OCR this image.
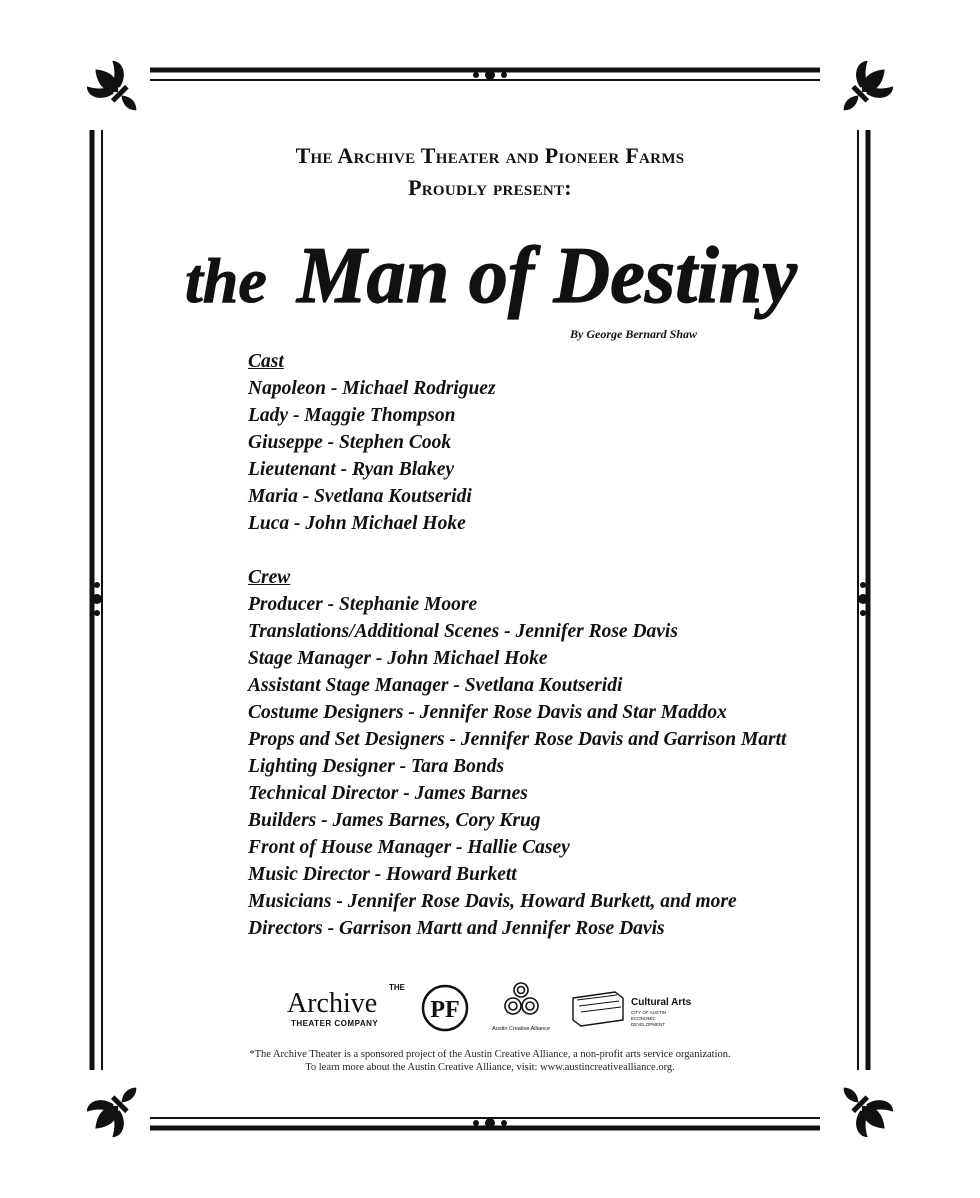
The Archive Theater and Pioneer Farms
Proudly present:
the Man of Destiny
By George Bernard Shaw
Cast
Napoleon - Michael Rodriguez
Lady - Maggie Thompson
Giuseppe - Stephen Cook
Lieutenant - Ryan Blakey
Maria - Svetlana Koutseridi
Luca - John Michael Hoke
Crew
Producer - Stephanie Moore
Translations/Additional Scenes - Jennifer Rose Davis
Stage Manager - John Michael Hoke
Assistant Stage Manager - Svetlana Koutseridi
Costume Designers - Jennifer Rose Davis and Star Maddox
Props and Set Designers - Jennifer Rose Davis and Garrison Martt
Lighting Designer - Tara Bonds
Technical Director - James Barnes
Builders - James Barnes, Cory Krug
Front of House Manager - Hallie Casey
Music Director - Howard Burkett
Musicians - Jennifer Rose Davis, Howard Burkett, and more
Directors - Garrison Martt and Jennifer Rose Davis
THE
Archive
THEATER COMPANY
PF
Austin Creative Alliance
Cultural Arts
CITY OF AUSTIN
ECONOMIC
DEVELOPMENT
*The Archive Theater is a sponsored project of the Austin Creative Alliance, a non-profit arts service organization.
To learn more about the Austin Creative Alliance, visit: www.austincreativealliance.org.
